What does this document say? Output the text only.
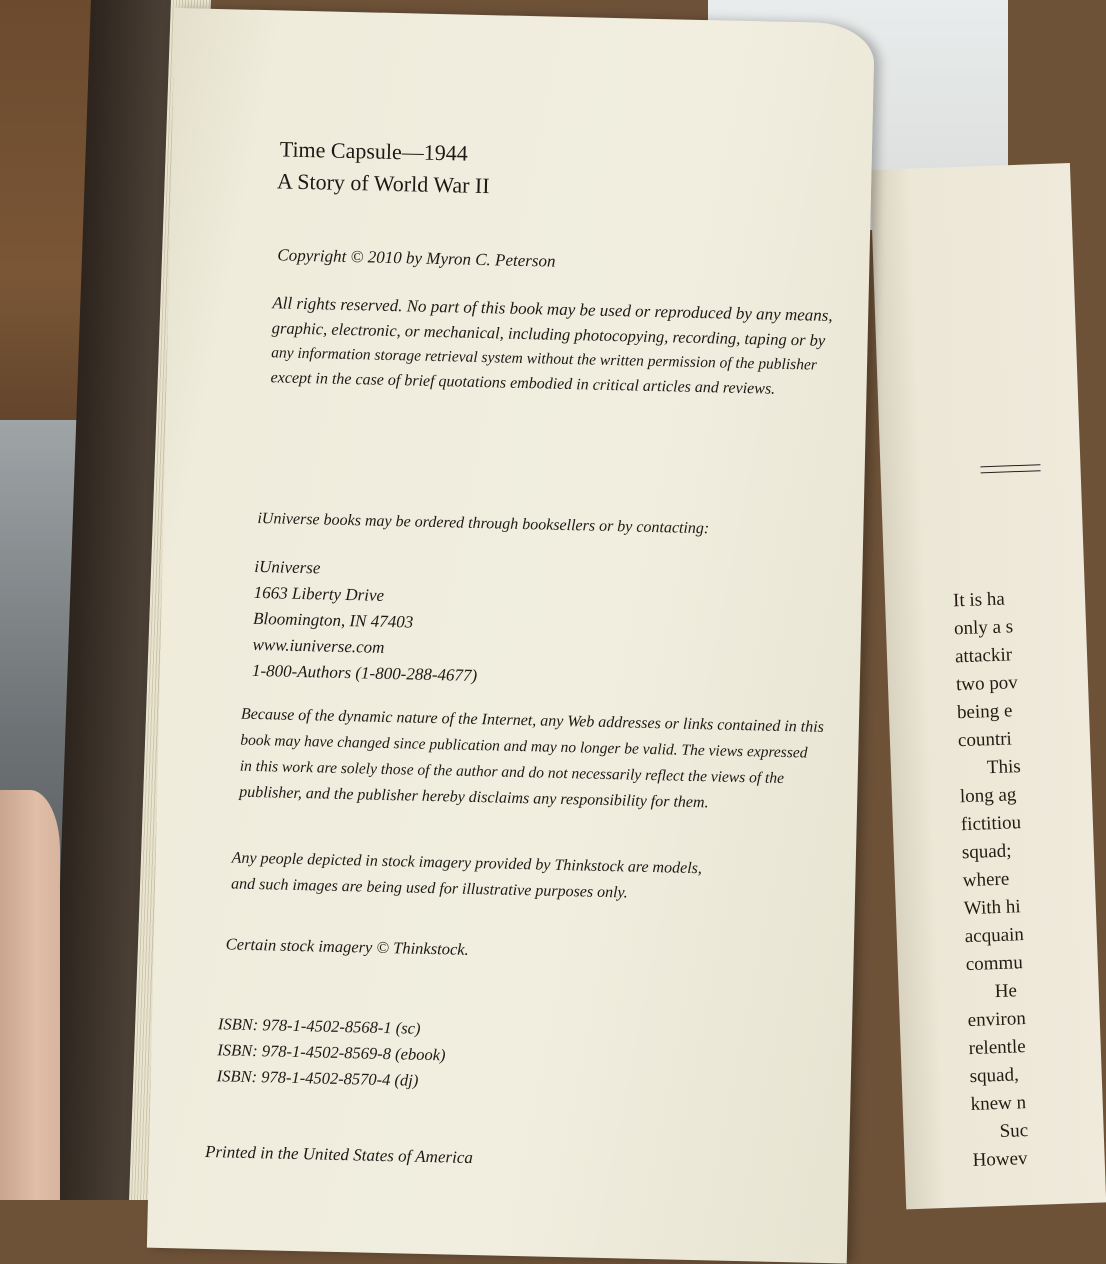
It is ha
only a s
attackir
two pov
being e
countri
This
long ag
fictitiou
squad;
where
With hi
acquain
commu
He
environ
relentle
squad,
knew n
Suc
Howev
Time Capsule—1944
A Story of World War II
Copyright © 2010 by Myron C. Peterson
All rights reserved. No part of this book may be used or reproduced by any means,
graphic, electronic, or mechanical, including photocopying, recording, taping or by
any information storage retrieval system without the written permission of the publisher
except in the case of brief quotations embodied in critical articles and reviews.
iUniverse books may be ordered through booksellers or by contacting:
iUniverse
1663 Liberty Drive
Bloomington, IN 47403
www.iuniverse.com
1-800-Authors (1-800-288-4677)
Because of the dynamic nature of the Internet, any Web addresses or links contained in this
book may have changed since publication and may no longer be valid. The views expressed
in this work are solely those of the author and do not necessarily reflect the views of the
publisher, and the publisher hereby disclaims any responsibility for them.
Any people depicted in stock imagery provided by Thinkstock are models,
and such images are being used for illustrative purposes only.
Certain stock imagery © Thinkstock.
ISBN: 978-1-4502-8568-1 (sc)
ISBN: 978-1-4502-8569-8 (ebook)
ISBN: 978-1-4502-8570-4 (dj)
Printed in the United States of America
